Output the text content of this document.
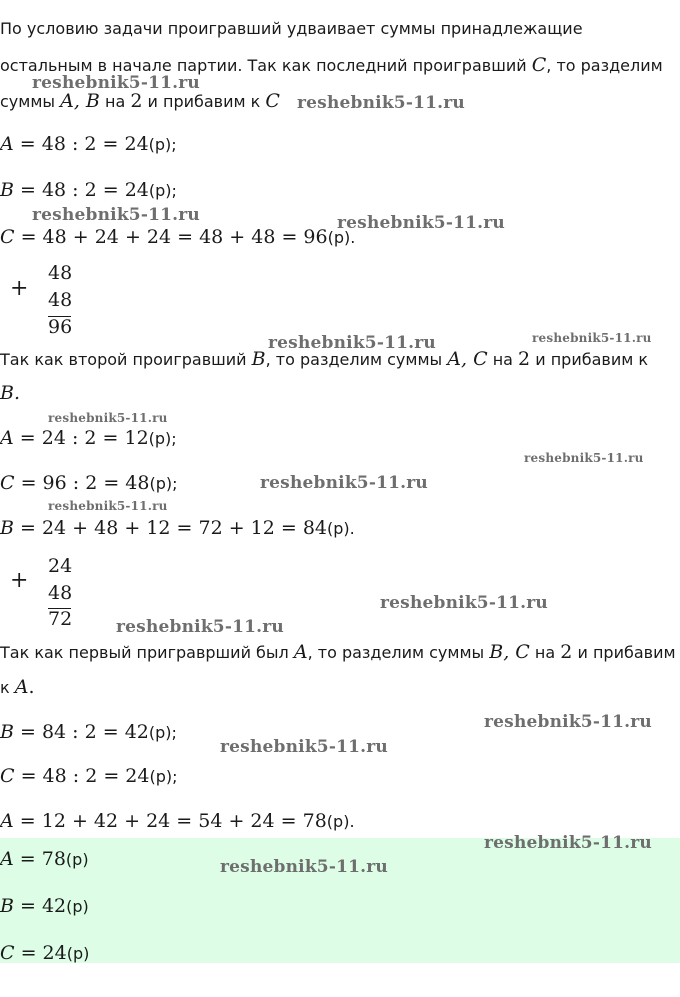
По условию задачи проигравший удваивает суммы принадлежащие
остальным в начале партии. Так как последний проигравший C, то разделим
суммы A, B на 2 и прибавим к C
A = 48 : 2 = 24(р);
B = 48 : 2 = 24(р);
C = 48 + 24 + 24 = 48 + 48 = 96(р).
+
48
48
96
Так как второй проигравший B, то разделим суммы A, C на 2 и прибавим к
B.
A = 24 : 2 = 12(р);
C = 96 : 2 = 48(р);
B = 24 + 48 + 12 = 72 + 12 = 84(р).
+
24
48
72
Так как первый приграврший был A, то разделим суммы B, C на 2 и прибавим
к A.
B = 84 : 2 = 42(р);
C = 48 : 2 = 24(р);
A = 12 + 42 + 24 = 54 + 24 = 78(р).
A = 78(р)
B = 42(р)
C = 24(р)
reshebnik5-11.ru
reshebnik5-11.ru
reshebnik5-11.ru	reshebnik5-11.ru
reshebnik5-11.ru	reshebnik5-11.ru
reshebnik5-11.ru
reshebnik5-11.ru
reshebnik5-11.ru
reshebnik5-11.ru
reshebnik5-11.ru
reshebnik5-11.ru
reshebnik5-11.ru
reshebnik5-11.ru
reshebnik5-11.ru
reshebnik5-11.ru
